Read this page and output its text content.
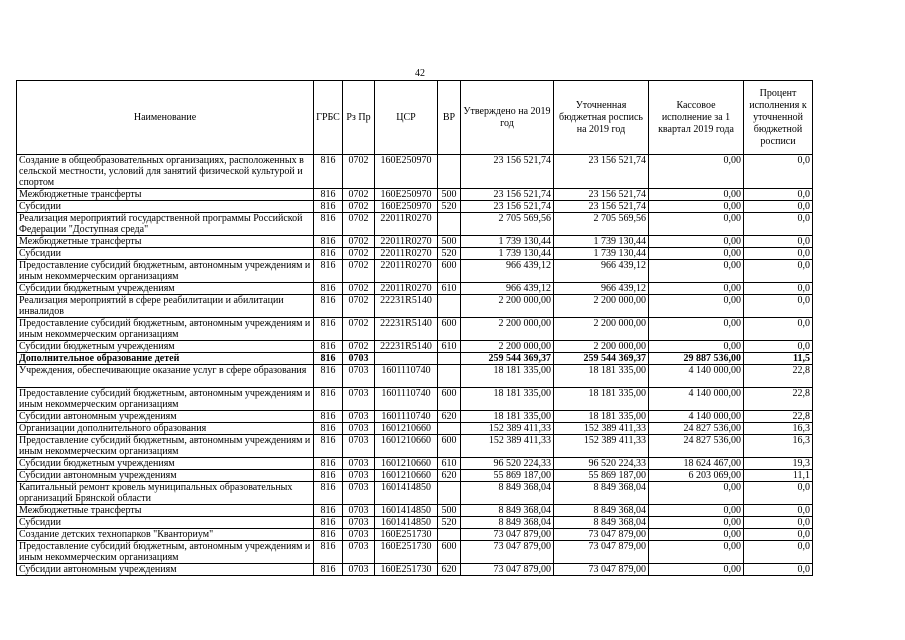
42
Наименование	ГРБС	Рз Пр	ЦСР	ВР	Утверждено на 2019 год	Уточненная бюджетная роспись на 2019 год	Кассовое исполнение за 1 квартал 2019 года	Процент исполнения к уточненной бюджетной росписи
Создание в общеобразовательных организациях, расположенных в сельской местности, условий для занятий физической культурой и спортом	816	0702	160E250970		23 156 521,74	23 156 521,74	0,00	0,0
Межбюджетные трансферты	816	0702	160E250970	500	23 156 521,74	23 156 521,74	0,00	0,0
Субсидии	816	0702	160E250970	520	23 156 521,74	23 156 521,74	0,00	0,0
Реализация мероприятий государственной программы Российской Федерации "Доступная среда"	816	0702	22011R0270		2 705 569,56	2 705 569,56	0,00	0,0
Межбюджетные трансферты	816	0702	22011R0270	500	1 739 130,44	1 739 130,44	0,00	0,0
Субсидии	816	0702	22011R0270	520	1 739 130,44	1 739 130,44	0,00	0,0
Предоставление субсидий бюджетным, автономным учреждениям и иным некоммерческим организациям	816	0702	22011R0270	600	966 439,12	966 439,12	0,00	0,0
Субсидии бюджетным учреждениям	816	0702	22011R0270	610	966 439,12	966 439,12	0,00	0,0
Реализация мероприятий в сфере реабилитации и абилитации инвалидов	816	0702	22231R5140		2 200 000,00	2 200 000,00	0,00	0,0
Предоставление субсидий бюджетным, автономным учреждениям и иным некоммерческим организациям	816	0702	22231R5140	600	2 200 000,00	2 200 000,00	0,00	0,0
Субсидии бюджетным учреждениям	816	0702	22231R5140	610	2 200 000,00	2 200 000,00	0,00	0,0
Дополнительное образование детей	816	0703			259 544 369,37	259 544 369,37	29 887 536,00	11,5
Учреждения, обеспечивающие оказание услуг в сфере образования	816	0703	1601110740		18 181 335,00	18 181 335,00	4 140 000,00	22,8
Предоставление субсидий бюджетным, автономным учреждениям и иным некоммерческим организациям	816	0703	1601110740	600	18 181 335,00	18 181 335,00	4 140 000,00	22,8
Субсидии автономным учреждениям	816	0703	1601110740	620	18 181 335,00	18 181 335,00	4 140 000,00	22,8
Организации дополнительного образования	816	0703	1601210660		152 389 411,33	152 389 411,33	24 827 536,00	16,3
Предоставление субсидий бюджетным, автономным учреждениям и иным некоммерческим организациям	816	0703	1601210660	600	152 389 411,33	152 389 411,33	24 827 536,00	16,3
Субсидии бюджетным учреждениям	816	0703	1601210660	610	96 520 224,33	96 520 224,33	18 624 467,00	19,3
Субсидии автономным учреждениям	816	0703	1601210660	620	55 869 187,00	55 869 187,00	6 203 069,00	11,1
Капитальный ремонт кровель муниципальных образовательных организаций Брянской области	816	0703	1601414850		8 849 368,04	8 849 368,04	0,00	0,0
Межбюджетные трансферты	816	0703	1601414850	500	8 849 368,04	8 849 368,04	0,00	0,0
Субсидии	816	0703	1601414850	520	8 849 368,04	8 849 368,04	0,00	0,0
Создание детских технопарков "Кванториум"	816	0703	160E251730		73 047 879,00	73 047 879,00	0,00	0,0
Предоставление субсидий бюджетным, автономным учреждениям и иным некоммерческим организациям	816	0703	160E251730	600	73 047 879,00	73 047 879,00	0,00	0,0
Субсидии автономным учреждениям	816	0703	160E251730	620	73 047 879,00	73 047 879,00	0,00	0,0
